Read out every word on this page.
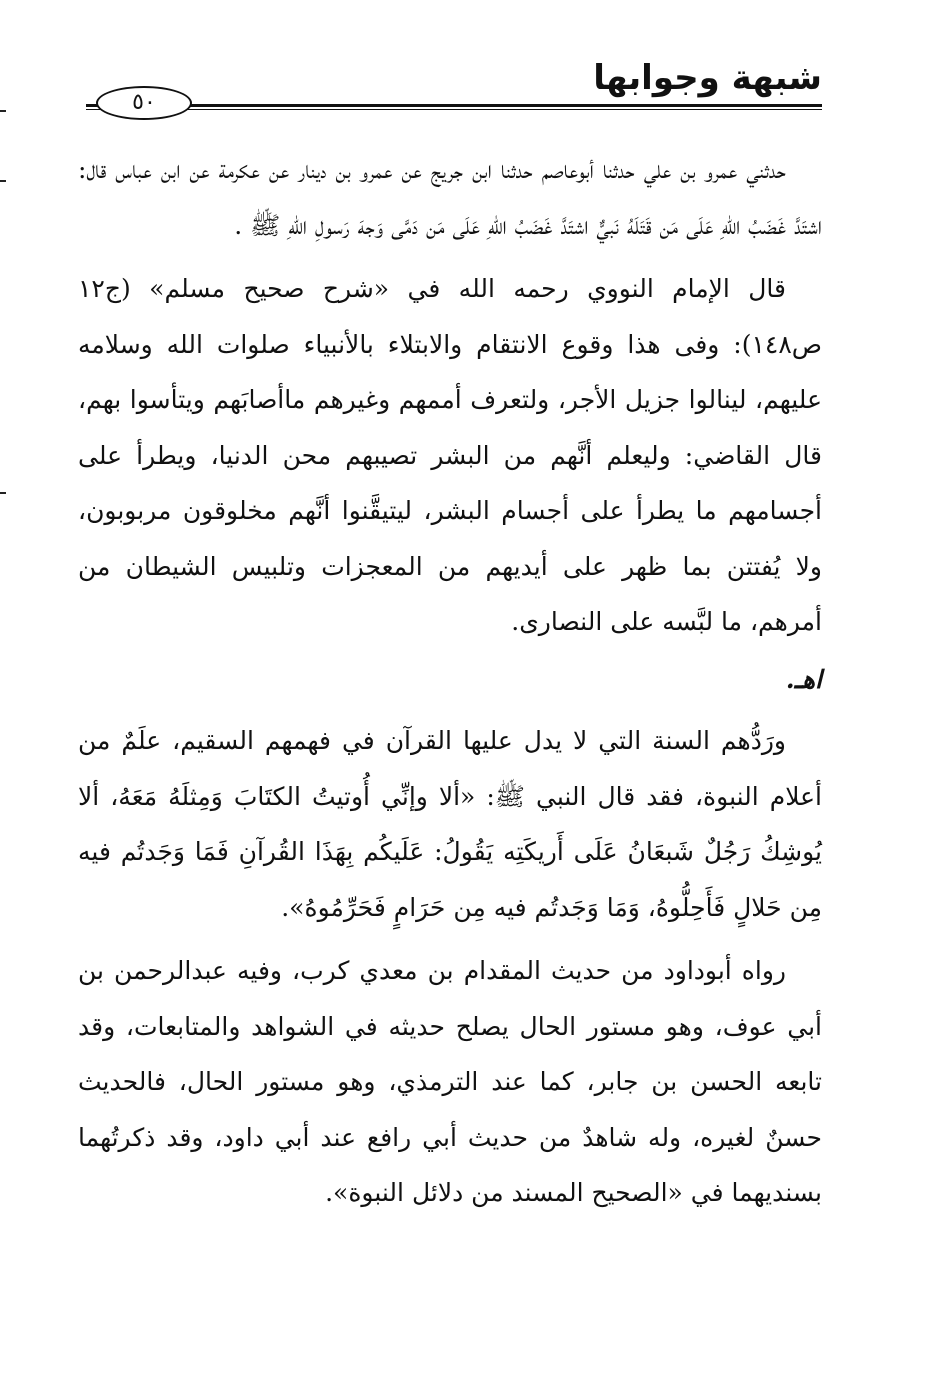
شبهة وجوابها
٥٠

حدثني عمرو بن علي حدثنا أبوعاصم حدثنا ابن جريج عن عمرو بن دينار عن عكرمة عن ابن عباس قال: اشتَدَّ غَضَبُ اللهِ عَلَى مَن قَتَلَهُ نَبيٌّ اشتَدَّ غَضَبُ اللهِ عَلَى مَن دَمَّى وَجهَ رَسولِ اللهِ ﷺ .

قال الإمام النووي رحمه الله في «شرح صحيح مسلم» (ج١٢ ص١٤٨): وفى هذا وقوع الانتقام والابتلاء بالأنبياء صلوات الله وسلامه عليهم، لينالوا جزيل الأجر، ولتعرف أممهم وغيرهم ماأصابَهم ويتأسوا بهم، قال القاضي: وليعلم أنَّهم من البشر تصيبهم محن الدنيا، ويطرأ على أجسامهم ما يطرأ على أجسام البشر، ليتيقَّنوا أنَّهم مخلوقون مربوبون، ولا يُفتتن بما ظهر على أيديهم من المعجزات وتلبيس الشيطان من أمرهم، ما لبَّسه على النصارى.

اهـ.

ورَدُّهم السنة التي لا يدل عليها القرآن في فهمهم السقيم، علَمٌ من أعلام النبوة، فقد قال النبي ﷺ: «ألا وإنِّي أُوتيتُ الكتَابَ وَمِثلَهُ مَعَهُ، ألا يُوشِكُ رَجُلٌ شَبعَانُ عَلَى أَريكَتِه يَقُولُ: عَلَيكُم بِهَذَا القُرآنِ فَمَا وَجَدتُم فيه مِن حَلالٍ فَأَحِلُّوهُ، وَمَا وَجَدتُم فيه مِن حَرَامٍ فَحَرِّمُوهُ».

رواه أبوداود من حديث المقدام بن معدي كرب، وفيه عبدالرحمن بن أبي عوف، وهو مستور الحال يصلح حديثه في الشواهد والمتابعات، وقد تابعه الحسن بن جابر، كما عند الترمذي، وهو مستور الحال، فالحديث حسنٌ لغيره، وله شاهدٌ من حديث أبي رافع عند أبي داود، وقد ذكرتُهما بسنديهما في «الصحيح المسند من دلائل النبوة».
